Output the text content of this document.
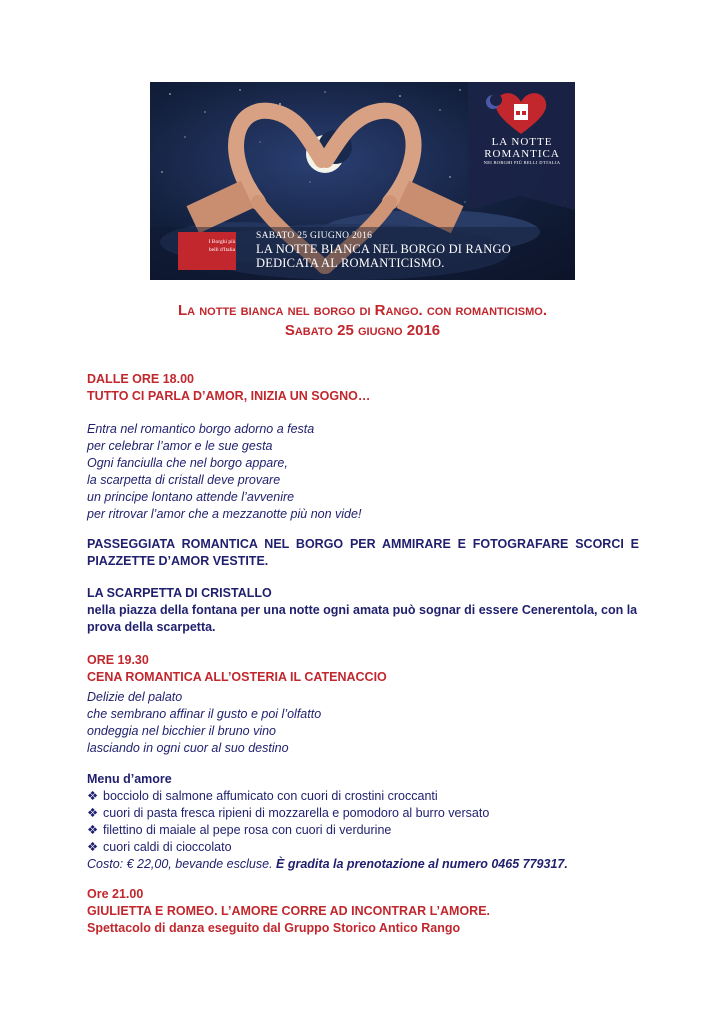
LA NOTTE
ROMANTICA
NEI BORGHI PIÙ BELLI D'ITALIA
I Borghi più belli d'Italia
SABATO 25 GIUGNO 2016
LA NOTTE BIANCA NEL BORGO DI RANGO
DEDICATA AL ROMANTICISMO.
La notte bianca nel borgo di Rango. con romanticismo.
Sabato 25 giugno 2016
DALLE ORE 18.00
TUTTO CI PARLA D’AMOR, INIZIA UN SOGNO…
Entra nel romantico borgo adorno a festa
per celebrar l’amor e le sue gesta
Ogni fanciulla che nel borgo appare,
la scarpetta di cristall deve provare
un principe lontano attende l’avvenire
per ritrovar l’amor che a mezzanotte più non vide!
PASSEGGIATA ROMANTICA NEL BORGO PER AMMIRARE E FOTOGRAFARE SCORCI E PIAZZETTE D’AMOR VESTITE.
LA SCARPETTA DI CRISTALLO
nella piazza della fontana per una notte ogni amata può sognar di essere Cenerentola, con la prova della scarpetta.
ORE 19.30
CENA ROMANTICA ALL’OSTERIA IL CATENACCIO
Delizie del palato
che sembrano affinar il gusto e poi l’olfatto
ondeggia nel bicchier il bruno vino
lasciando in ogni cuor al suo destino
Menu d’amore
❖ bocciolo di salmone affumicato con cuori di crostini croccanti
❖ cuori di pasta fresca ripieni di mozzarella e pomodoro al burro versato
❖ filettino di maiale al pepe rosa con cuori di verdurine
❖ cuori caldi di cioccolato
Costo: € 22,00, bevande escluse. È gradita la prenotazione al numero 0465 779317.
Ore 21.00
GIULIETTA E ROMEO. L’AMORE CORRE AD INCONTRAR L’AMORE.
Spettacolo di danza eseguito dal Gruppo Storico Antico Rango
